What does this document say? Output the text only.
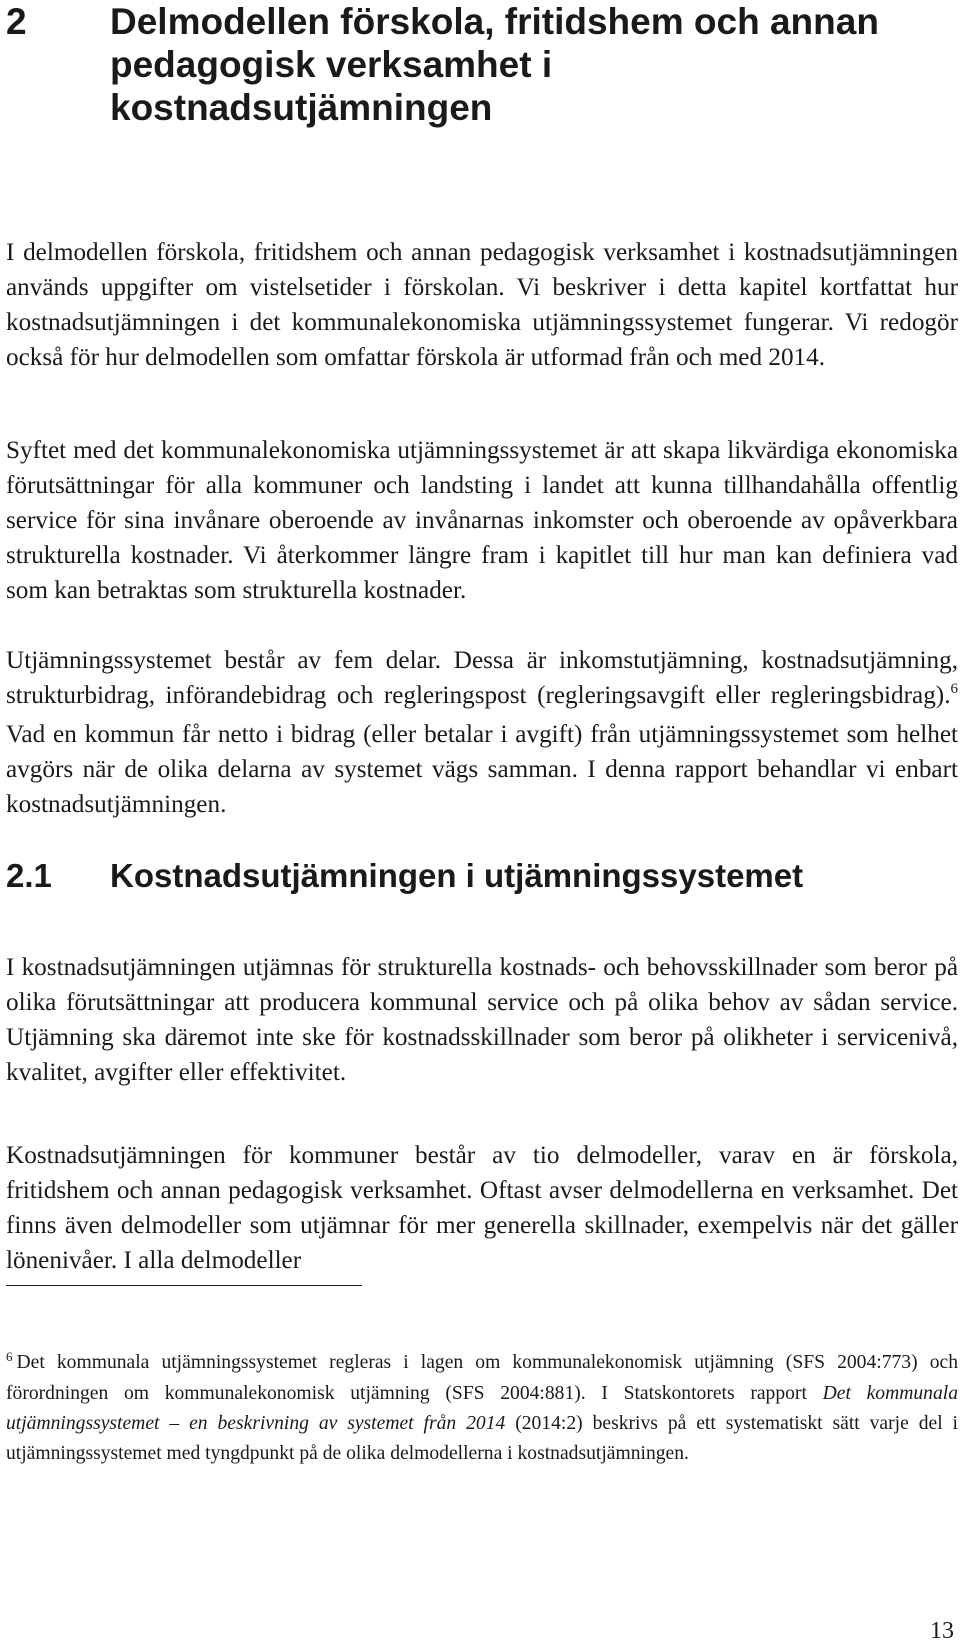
2 Delmodellen förskola, fritidshem och annan pedagogisk verksamhet i kostnadsutjämningen

I delmodellen förskola, fritidshem och annan pedagogisk verksamhet i kostnadsutjämningen används uppgifter om vistelsetider i förskolan. Vi beskriver i detta kapitel kortfattat hur kostnadsutjämningen i det kommunalekonomiska utjämningssystemet fungerar. Vi redogör också för hur delmodellen som omfattar förskola är utformad från och med 2014.

Syftet med det kommunalekonomiska utjämningssystemet är att skapa likvärdiga ekonomiska förutsättningar för alla kommuner och landsting i landet att kunna tillhandahålla offentlig service för sina invånare oberoende av invånarnas inkomster och oberoende av opåverkbara strukturella kostnader. Vi återkommer längre fram i kapitlet till hur man kan definiera vad som kan betraktas som strukturella kostnader.

Utjämningssystemet består av fem delar. Dessa är inkomstutjämning, kostnadsutjämning, strukturbidrag, införandebidrag och regleringspost (regleringsavgift eller regleringsbidrag).$^6$ Vad en kommun får netto i bidrag (eller betalar i avgift) från utjämningssystemet som helhet avgörs när de olika delarna av systemet vägs samman. I denna rapport behandlar vi enbart kostnadsutjämningen.

2.1 Kostnadsutjämningen i utjämningssystemet

I kostnadsutjämningen utjämnas för strukturella kostnads- och behovsskillnader som beror på olika förutsättningar att producera kommunal service och på olika behov av sådan service. Utjämning ska däremot inte ske för kostnadsskillnader som beror på olikheter i servicenivå, kvalitet, avgifter eller effektivitet.

Kostnadsutjämningen för kommuner består av tio delmodeller, varav en är förskola, fritidshem och annan pedagogisk verksamhet. Oftast avser delmodellerna en verksamhet. Det finns även delmodeller som utjämnar för mer generella skillnader, exempelvis när det gäller lönenivåer. I alla delmodeller

$^6$ Det kommunala utjämningssystemet regleras i lagen om kommunalekonomisk utjämning (SFS 2004:773) och förordningen om kommunalekonomisk utjämning (SFS 2004:881). I Statskontorets rapport Det kommunala utjämningssystemet – en beskrivning av systemet från 2014 (2014:2) beskrivs på ett systematiskt sätt varje del i utjämningssystemet med tyngdpunkt på de olika delmodellerna i kostnadsutjämningen.

13
